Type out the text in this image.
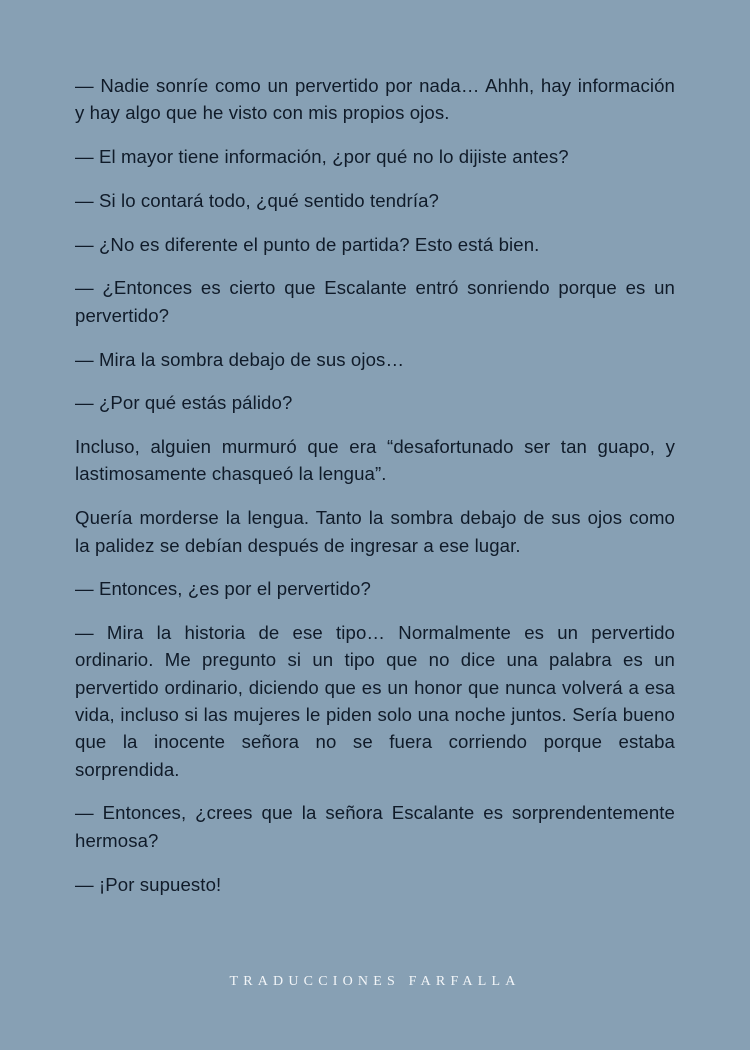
— Nadie sonríe como un pervertido por nada… Ahhh, hay información y hay algo que he visto con mis propios ojos.

— El mayor tiene información, ¿por qué no lo dijiste antes?

— Si lo contará todo, ¿qué sentido tendría?

— ¿No es diferente el punto de partida? Esto está bien.

— ¿Entonces es cierto que Escalante entró sonriendo porque es un pervertido?

— Mira la sombra debajo de sus ojos…

— ¿Por qué estás pálido?

Incluso, alguien murmuró que era “desafortunado ser tan guapo, y lastimosamente chasqueó la lengua”.

Quería morderse la lengua. Tanto la sombra debajo de sus ojos como la palidez se debían después de ingresar a ese lugar.

— Entonces, ¿es por el pervertido?

— Mira la historia de ese tipo… Normalmente es un pervertido ordinario. Me pregunto si un tipo que no dice una palabra es un pervertido ordinario, diciendo que es un honor que nunca volverá a esa vida, incluso si las mujeres le piden solo una noche juntos. Sería bueno que la inocente señora no se fuera corriendo porque estaba sorprendida.

— Entonces, ¿crees que la señora Escalante es sorprendentemente hermosa?

— ¡Por supuesto!

TRADUCCIONES FARFALLA
